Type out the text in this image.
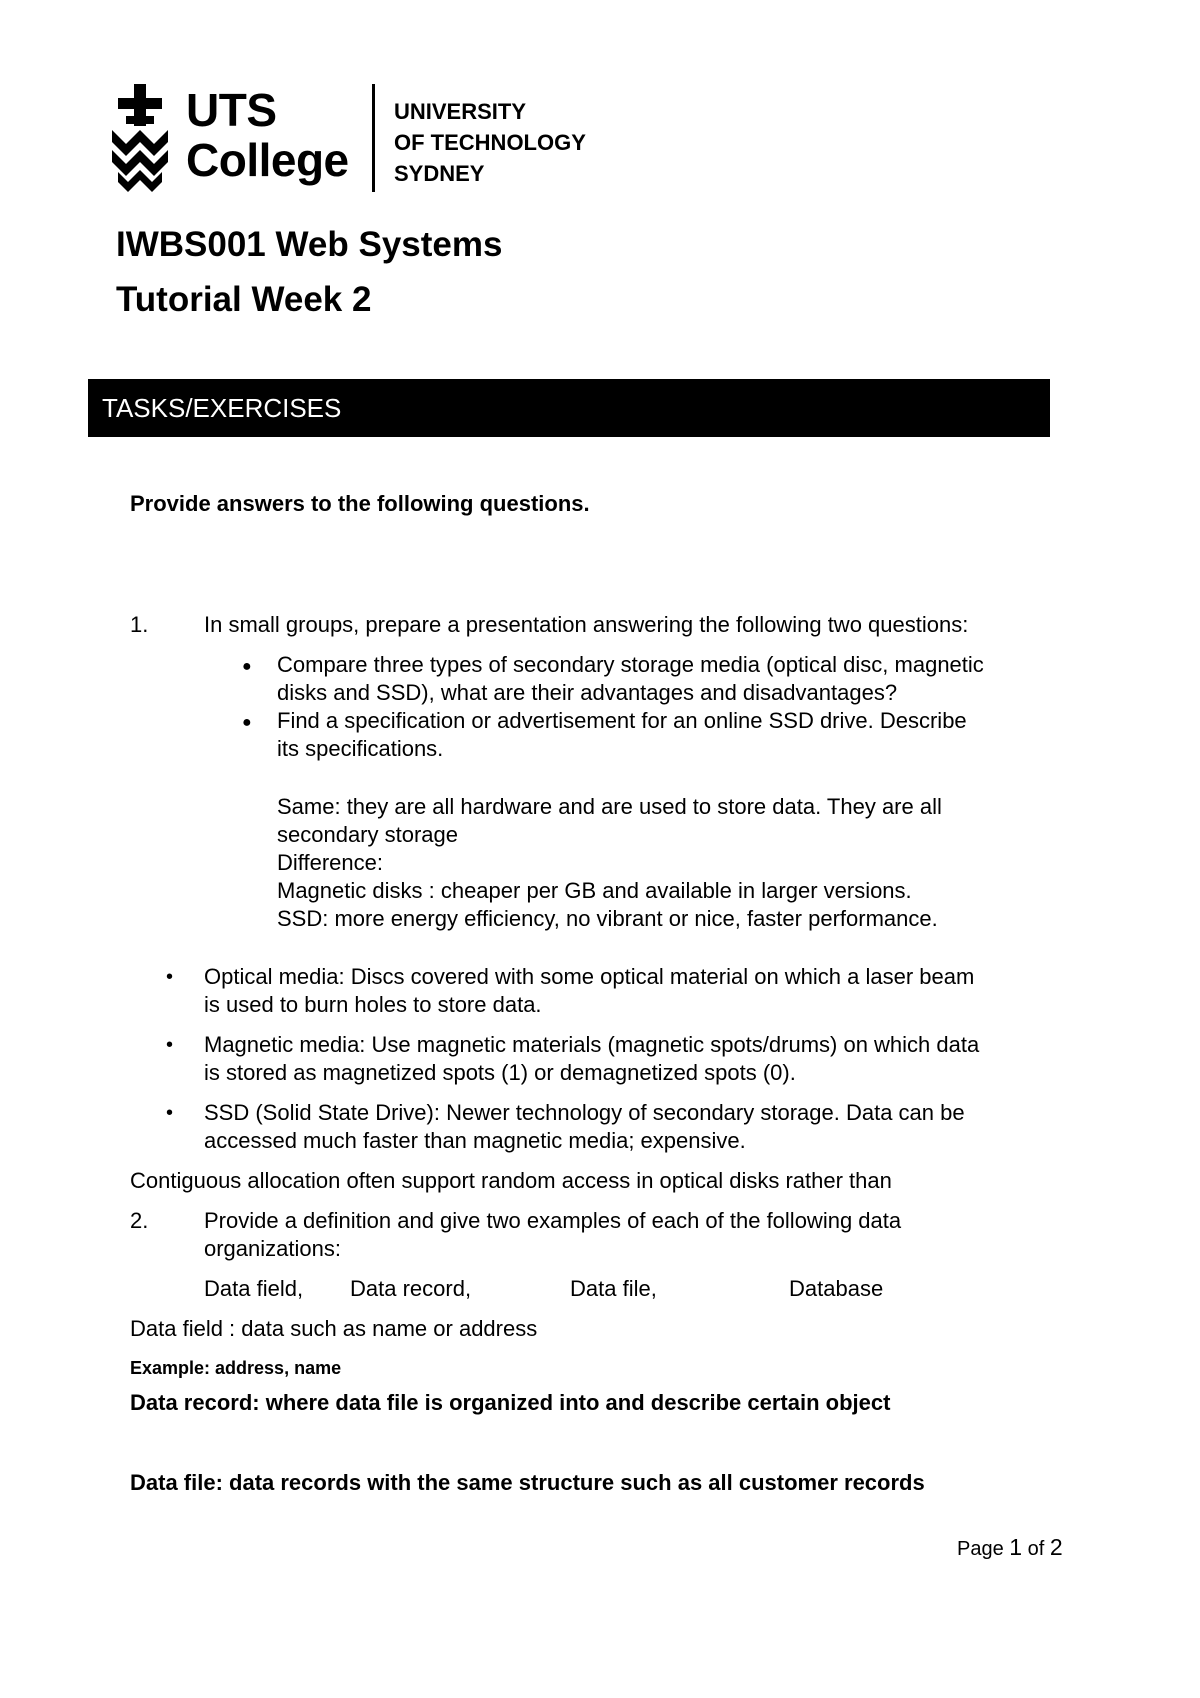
UTS
College
UNIVERSITY
OF TECHNOLOGY
SYDNEY
IWBS001 Web Systems
Tutorial Week 2
TASKS/EXERCISES
Provide answers to the following questions.
1.	In small groups, prepare a presentation answering the following two questions:
● Compare three types of secondary storage media (optical disc, magnetic
disks and SSD), what are their advantages and disadvantages?
● Find a specification or advertisement for an online SSD drive. Describe
its specifications.
Same: they are all hardware and are used to store data. They are all
secondary storage
Difference:
Magnetic disks : cheaper per GB and available in larger versions.
SSD: more energy efficiency, no vibrant or nice, faster performance.
• Optical media: Discs covered with some optical material on which a laser beam
is used to burn holes to store data.
• Magnetic media: Use magnetic materials (magnetic spots/drums) on which data
is stored as magnetized spots (1) or demagnetized spots (0).
• SSD (Solid State Drive): Newer technology of secondary storage. Data can be
accessed much faster than magnetic media; expensive.
Contiguous allocation often support random access in optical disks rather than
2.	Provide a definition and give two examples of each of the following data
organizations:
Data field, Data record,	Data file,	Database
Data field : data such as name or address
Example: address, name
Data record: where data file is organized into and describe certain object
Data file: data records with the same structure such as all customer records
Page 1 of 2
